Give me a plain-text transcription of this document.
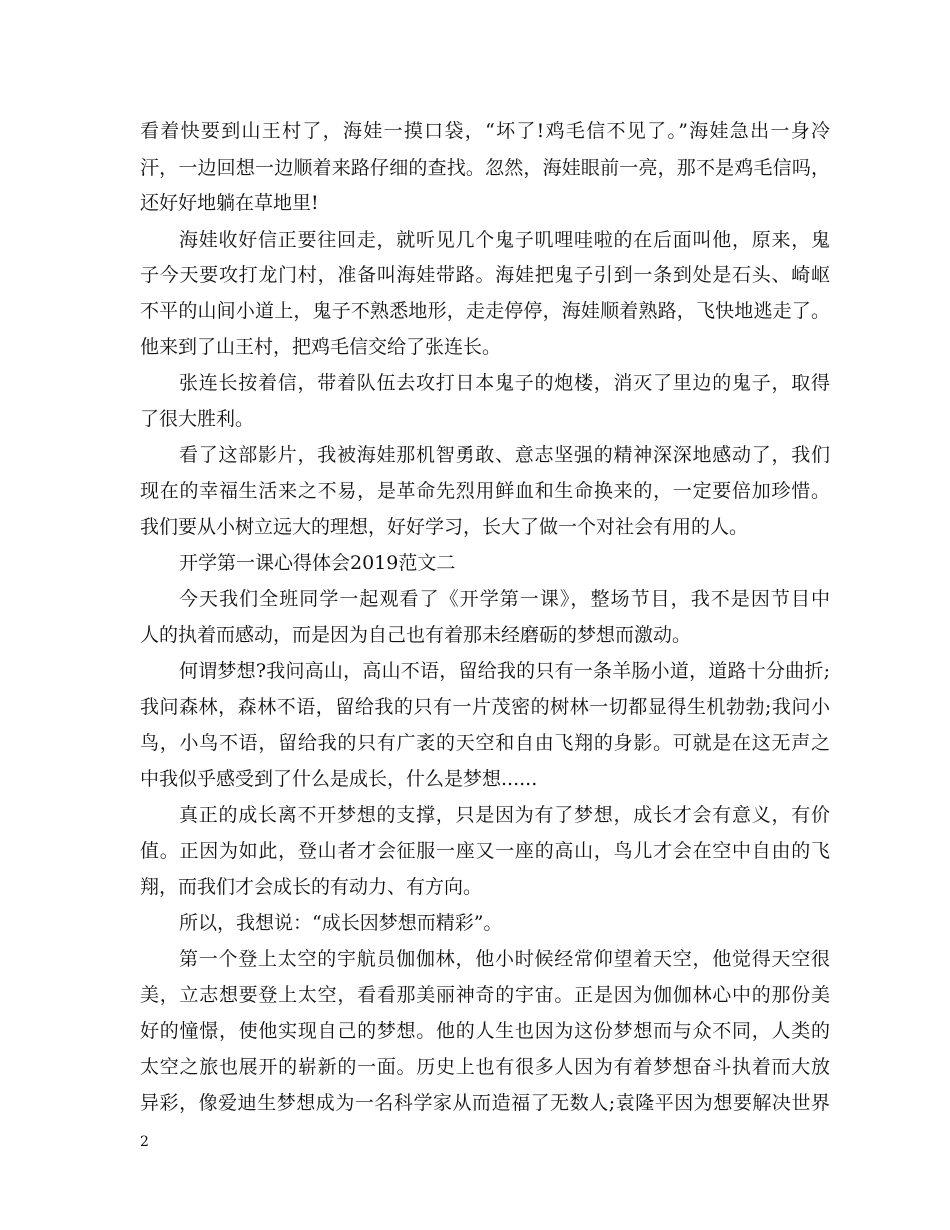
看着快要到山王村了，海娃一摸口袋，“坏了!鸡毛信不见了。”海娃急出一身冷
汗，一边回想一边顺着来路仔细的查找。忽然，海娃眼前一亮，那不是鸡毛信吗，
还好好地躺在草地里!
海娃收好信正要往回走，就听见几个鬼子叽哩哇啦的在后面叫他，原来，鬼
子今天要攻打龙门村，准备叫海娃带路。海娃把鬼子引到一条到处是石头、崎岖
不平的山间小道上，鬼子不熟悉地形，走走停停，海娃顺着熟路，飞快地逃走了。
他来到了山王村，把鸡毛信交给了张连长。
张连长按着信，带着队伍去攻打日本鬼子的炮楼，消灭了里边的鬼子，取得
了很大胜利。
看了这部影片，我被海娃那机智勇敢、意志坚强的精神深深地感动了，我们
现在的幸福生活来之不易，是革命先烈用鲜血和生命换来的，一定要倍加珍惜。
我们要从小树立远大的理想，好好学习，长大了做一个对社会有用的人。
开学第一课心得体会2019范文二
今天我们全班同学一起观看了《开学第一课》，整场节目，我不是因节目中
人的执着而感动，而是因为自己也有着那未经磨砺的梦想而激动。
何谓梦想?我问高山，高山不语，留给我的只有一条羊肠小道，道路十分曲折;
我问森林，森林不语，留给我的只有一片茂密的树林一切都显得生机勃勃;我问小
鸟，小鸟不语，留给我的只有广袤的天空和自由飞翔的身影。可就是在这无声之
中我似乎感受到了什么是成长，什么是梦想......
真正的成长离不开梦想的支撑，只是因为有了梦想，成长才会有意义，有价
值。正因为如此，登山者才会征服一座又一座的高山，鸟儿才会在空中自由的飞
翔，而我们才会成长的有动力、有方向。
所以，我想说：“成长因梦想而精彩”。
第一个登上太空的宇航员伽伽林，他小时候经常仰望着天空，他觉得天空很
美，立志想要登上太空，看看那美丽神奇的宇宙。正是因为伽伽林心中的那份美
好的憧憬，使他实现自己的梦想。他的人生也因为这份梦想而与众不同，人类的
太空之旅也展开的崭新的一面。历史上也有很多人因为有着梦想奋斗执着而大放
异彩，像爱迪生梦想成为一名科学家从而造福了无数人;袁隆平因为想要解决世界
2
